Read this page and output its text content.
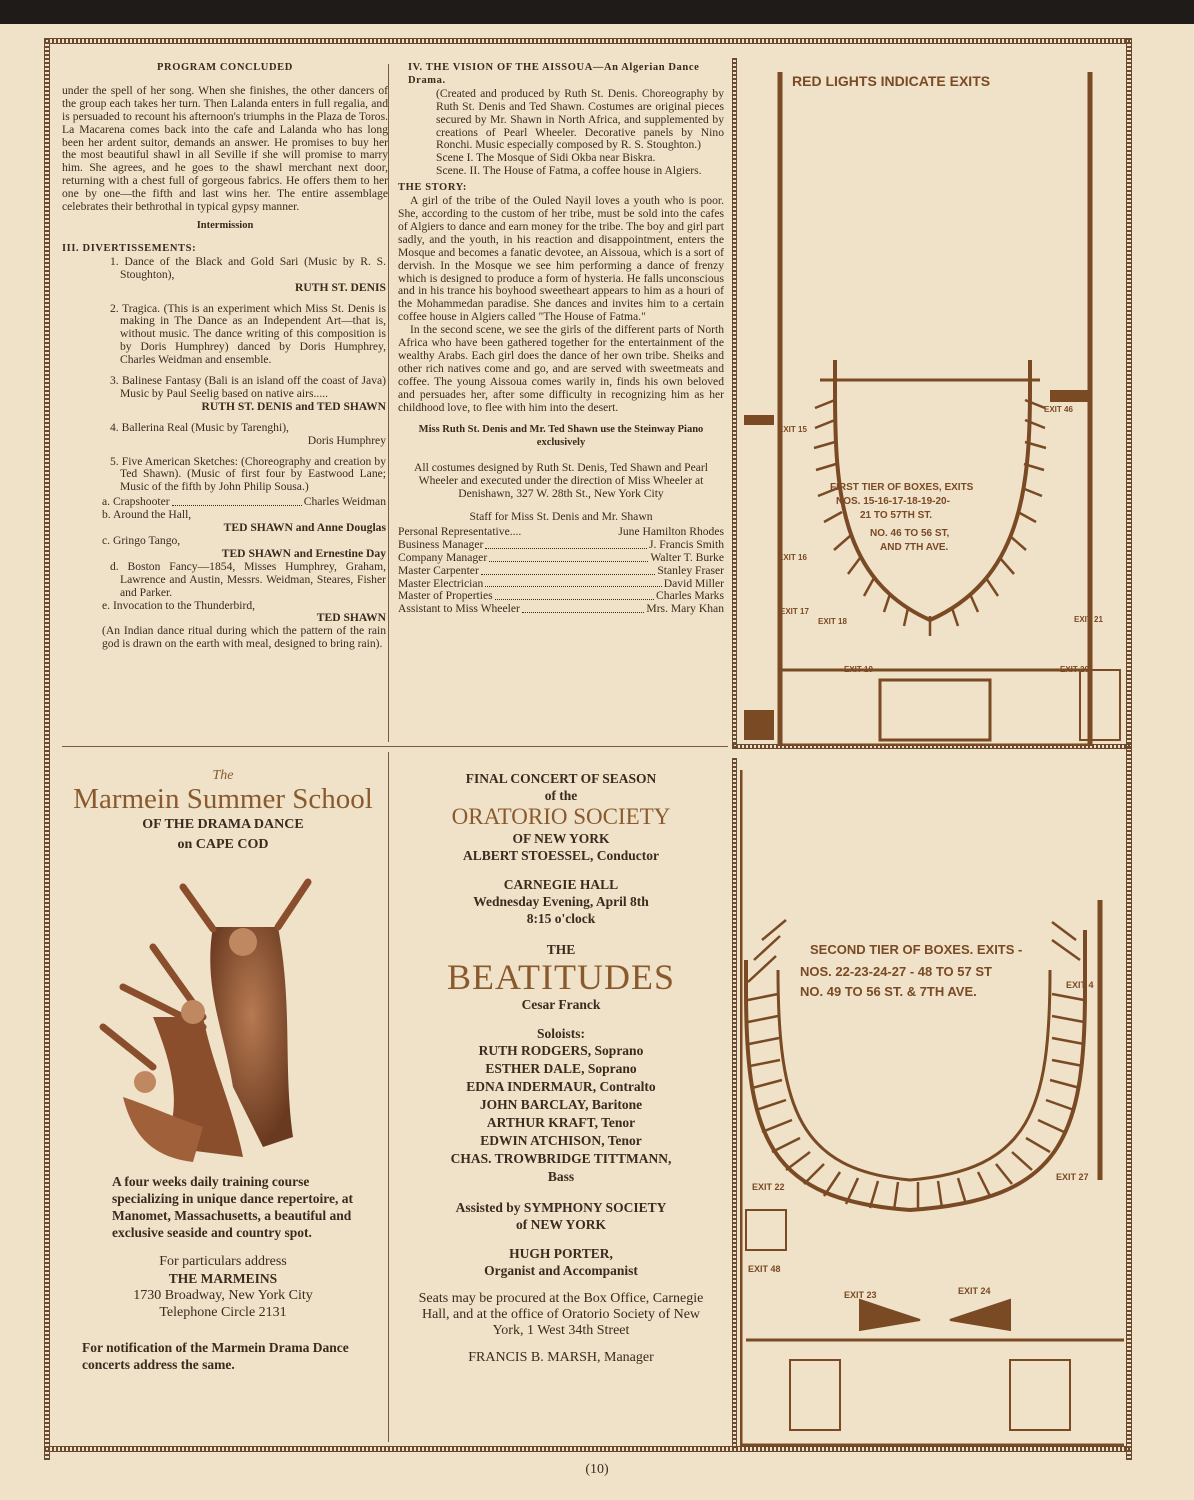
PROGRAM CONCLUDED
under the spell of her song. When she finishes, the other dancers of the group each takes her turn. Then Lalanda enters in full regalia, and is persuaded to recount his afternoon's triumphs in the Plaza de Toros. La Macarena comes back into the cafe and Lalanda who has long been her ardent suitor, demands an answer. He promises to buy her the most beautiful shawl in all Seville if she will promise to marry him. She agrees, and he goes to the shawl merchant next door, returning with a chest full of gorgeous fabrics. He offers them to her one by one—the fifth and last wins her. The entire assemblage celebrates their bethrothal in typical gypsy manner.
Intermission
III. DIVERTISSEMENTS:
1. Dance of the Black and Gold Sari (Music by R. S. Stoughton),
RUTH ST. DENIS
2. Tragica. (This is an experiment which Miss St. Denis is making in The Dance as an Independent Art—that is, without music. The dance writing of this composition is by Doris Humphrey) danced by Doris Humphrey, Charles Weidman and ensemble.
3. Balinese Fantasy (Bali is an island off the coast of Java) Music by Paul Seelig based on native airs.....
RUTH ST. DENIS and TED SHAWN
4. Ballerina Real (Music by Tarenghi),
Doris Humphrey
5. Five American Sketches: (Choreography and creation by Ted Shawn). (Music of first four by Eastwood Lane; Music of the fifth by John Philip Sousa.)
a. Crapshooter	Charles Weidman
b. Around the Hall,
TED SHAWN and Anne Douglas
c. Gringo Tango,
TED SHAWN and Ernestine Day
d. Boston Fancy—1854, Misses Humphrey, Graham, Lawrence and Austin, Messrs. Weidman, Steares, Fisher and Parker.
e. Invocation to the Thunderbird,
TED SHAWN
(An Indian dance ritual during which the pattern of the rain god is drawn on the earth with meal, designed to bring rain).
IV. THE VISION OF THE AISSOUA—An Algerian Dance Drama.
(Created and produced by Ruth St. Denis. Choreography by Ruth St. Denis and Ted Shawn. Costumes are original pieces secured by Mr. Shawn in North Africa, and supplemented by creations of Pearl Wheeler. Decorative panels by Nino Ronchi. Music especially composed by R. S. Stoughton.)
Scene I. The Mosque of Sidi Okba near Biskra.
Scene. II. The House of Fatma, a coffee house in Algiers.
THE STORY:
A girl of the tribe of the Ouled Nayil loves a youth who is poor. She, according to the custom of her tribe, must be sold into the cafes of Algiers to dance and earn money for the tribe. The boy and girl part sadly, and the youth, in his reaction and disappointment, enters the Mosque and becomes a fanatic devotee, an Aissoua, which is a sort of dervish. In the Mosque we see him performing a dance of frenzy which is designed to produce a form of hysteria. He falls unconscious and in his trance his boyhood sweetheart appears to him as a houri of the Mohammedan paradise. She dances and invites him to a certain coffee house in Algiers called "The House of Fatma."
In the second scene, we see the girls of the different parts of North Africa who have been gathered together for the entertainment of the wealthy Arabs. Each girl does the dance of her own tribe. Sheiks and other rich natives come and go, and are served with sweetmeats and coffee. The young Aissoua comes warily in, finds his own beloved and persuades her, after some difficulty in recognizing him as her childhood love, to flee with him into the desert.
Miss Ruth St. Denis and Mr. Ted Shawn use the Steinway Piano exclusively
All costumes designed by Ruth St. Denis, Ted Shawn and Pearl Wheeler and executed under the direction of Miss Wheeler at Denishawn, 327 W. 28th St., New York City
Staff for Miss St. Denis and Mr. Shawn
Personal Representative....	June Hamilton Rhodes
Business Manager	J. Francis Smith
Company Manager	Walter T. Burke
Master Carpenter	Stanley Fraser
Master Electrician	David Miller
Master of Properties	Charles Marks
Assistant to Miss Wheeler	Mrs. Mary Khan
RED LIGHTS INDICATE EXITS
FIRST TIER OF BOXES, EXITS
NOS. 15-16-17-18-19-20-
21 TO 57TH ST.
NO. 46 TO 56 ST,
AND 7TH AVE.
EXIT 15
EXIT 16
EXIT 17
EXIT 18
EXIT 19	EXIT 20
EXIT 21
EXIT 46
The
Marmein Summer School
OF THE DRAMA DANCE
on CAPE COD
A four weeks daily training course specializing in unique dance repertoire, at Manomet, Massachusetts, a beautiful and exclusive seaside and country spot.
For particulars address
THE MARMEINS
1730 Broadway, New York City
Telephone Circle 2131
For notification of the Marmein Drama Dance concerts address the same.
FINAL CONCERT OF SEASON
of the
ORATORIO SOCIETY
OF NEW YORK
ALBERT STOESSEL, Conductor
CARNEGIE HALL
Wednesday Evening, April 8th
8:15 o'clock
THE
BEATITUDES
Cesar Franck
Soloists:
RUTH RODGERS, Soprano
ESTHER DALE, Soprano
EDNA INDERMAUR, Contralto
JOHN BARCLAY, Baritone
ARTHUR KRAFT, Tenor
EDWIN ATCHISON, Tenor
CHAS. TROWBRIDGE TITTMANN,
Bass
Assisted by SYMPHONY SOCIETY
of NEW YORK
HUGH PORTER,
Organist and Accompanist
Seats may be procured at the Box Office, Carnegie Hall, and at the office of Oratorio Society of New York, 1 West 34th Street
FRANCIS B. MARSH, Manager
SECOND TIER OF BOXES. EXITS -
NOS. 22-23-24-27 - 48 TO 57 ST
NO. 49 TO 56 ST. & 7TH AVE.
EXIT 22
EXIT 23	EXIT 24
EXIT 27
EXIT 48
EXIT 4
(10)
